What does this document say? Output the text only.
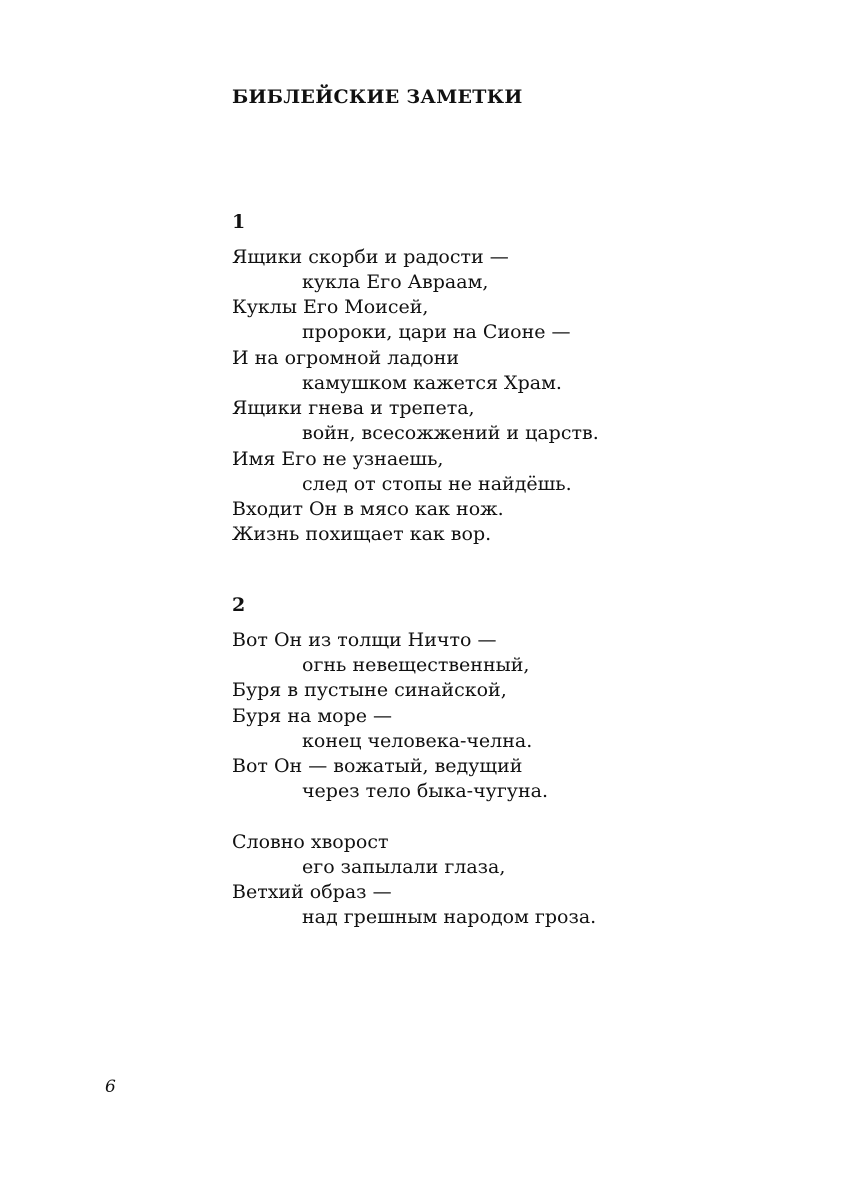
БИБЛЕЙСКИЕ ЗАМЕТКИ
1
Ящики скорби и радости —
кукла Его Авраам,
Куклы Его Моисей,
пророки, цари на Сионе —
И на огромной ладони
камушком кажется Храм.
Ящики гнева и трепета,
войн, всесожжений и царств.
Имя Его не узнаешь,
след от стопы не найдёшь.
Входит Он в мясо как нож.
Жизнь похищает как вор.
2
Вот Он из толщи Ничто —
огнь невещественный,
Буря в пустыне синайской,
Буря на море —
конец человека-челна.
Вот Он — вожатый, ведущий
через тело быка-чугуна.
Словно хворост
его запылали глаза,
Ветхий образ —
над грешным народом гроза.
6
